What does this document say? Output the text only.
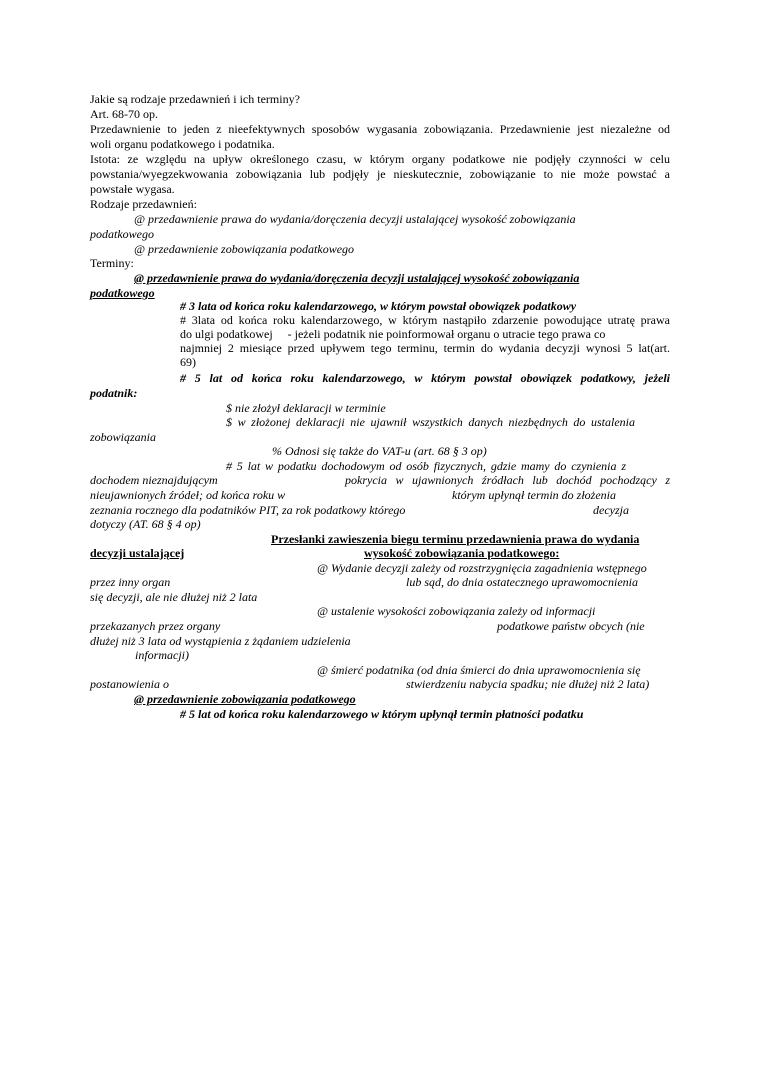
Jakie są rodzaje przedawnień i ich terminy?
Art. 68-70 op.
Przedawnienie to jeden z nieefektywnych sposobów wygasania zobowiązania. Przedawnienie jest niezależne od
woli organu podatkowego i podatnika.
Istota: ze względu na upływ określonego czasu, w którym organy podatkowe nie podjęły czynności w celu
powstania/wyegzekwowania zobowiązania lub podjęły je nieskutecznie, zobowiązanie to nie może powstać a
powstałe wygasa.
Rodzaje przedawnień:
@ przedawnienie prawa do wydania/doręczenia decyzji ustalającej wysokość zobowiązania
podatkowego
@ przedawnienie zobowiązania podatkowego
Terminy:
@ przedawnienie prawa do wydania/doręczenia decyzji ustalającej wysokość zobowiązania
podatkowego
# 3 lata od końca roku kalendarzowego, w którym powstał obowiązek podatkowy
# 3lata od końca roku kalendarzowego, w którym nastąpiło zdarzenie powodujące utratę prawa
do ulgi podatkowej     - jeżeli podatnik nie poinformował organu o utracie tego prawa co
najmniej 2 miesiące przed upływem tego terminu, termin do wydania decyzji wynosi 5 lat(art.
69)
# 5 lat od końca roku kalendarzowego, w którym powstał obowiązek podatkowy, jeżeli
podatnik:
$ nie złożył deklaracji w terminie
$ w złożonej deklaracji nie ujawnił wszystkich danych niezbędnych do ustalenia
zobowiązania
% Odnosi się także do VAT-u (art. 68 § 3 op)
# 5 lat w podatku dochodowym od osób fizycznych, gdzie mamy do czynienia z
dochodem nieznajdującym	pokrycia w ujawnionych źródłach lub dochód pochodzący z
nieujawnionych źródeł; od końca roku w	którym upłynął termin do złożenia
zeznania rocznego dla podatników PIT, za rok podatkowy którego	decyzja
dotyczy (AT. 68 § 4 op)
Przesłanki zawieszenia biegu terminu przedawnienia prawa do wydania
decyzji ustalającej	wysokość zobowiązania podatkowego:
@ Wydanie decyzji zależy od rozstrzygnięcia zagadnienia wstępnego
przez inny organ	lub sąd, do dnia ostatecznego uprawomocnienia
się decyzji, ale nie dłużej niż 2 lata
@ ustalenie wysokości zobowiązania zależy od informacji
przekazanych przez organy	podatkowe państw obcych (nie
dłużej niż 3 lata od wystąpienia z żądaniem udzielenia
informacji)
@ śmierć podatnika (od dnia śmierci do dnia uprawomocnienia się
postanowienia o	stwierdzeniu nabycia spadku; nie dłużej niż 2 lata)
@ przedawnienie zobowiązania podatkowego
# 5 lat od końca roku kalendarzowego w którym upłynął termin płatności podatku
